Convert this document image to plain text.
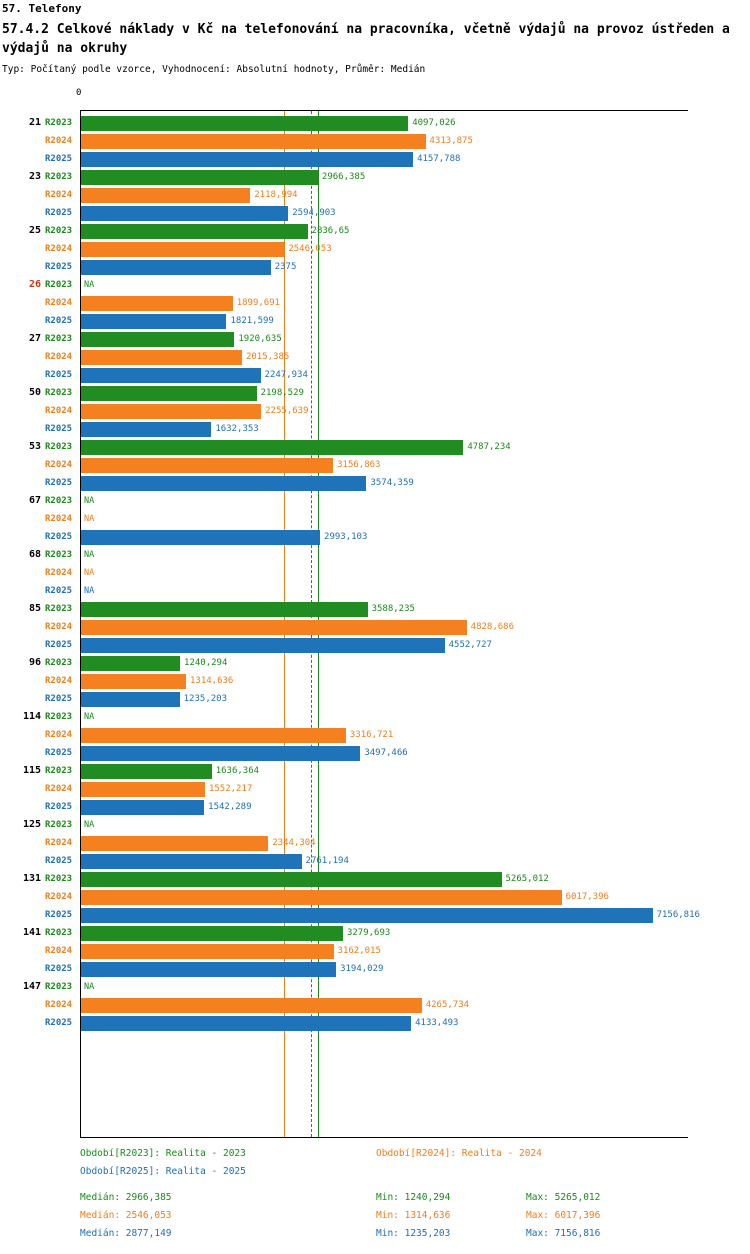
57. Telefony
57.4.2 Celkové náklady v Kč na telefonování na pracovníka, včetně výdajů na provoz ústředen a výdajů na okruhy
Typ: Počítaný podle vzorce, Vyhodnocení: Absolutní hodnoty, Průměr: Medián
0
21 R2023	4097,026
R2024	4313,875
R2025	4157,788
23 R2023	2966,385
R2024	2118,994
R2025	2594,903
25 R2023	2836,65
R2024	2546,053
R2025	2375
26 R2023 NA
R2024	1899,691
R2025	1821,599
27 R2023	1920,635
R2024	2015,385
R2025	2247,934
50 R2023	2198,529
R2024	2255,639
R2025	1632,353
53 R2023	4787,234
R2024	3156,863
R2025	3574,359
67 R2023 NA
R2024 NA
R2025	2993,103
68 R2023 NA
R2024 NA
R2025 NA
85 R2023	3588,235
R2024	4828,686
R2025	4552,727
96 R2023	1240,294
R2024	1314,636
R2025	1235,203
114 R2023 NA
R2024	3316,721
R2025	3497,466
115 R2023	1636,364
R2024	1552,217
R2025	1542,289
125 R2023 NA
R2024	2344,304
R2025	2761,194
131 R2023	5265,012
R2024	6017,396
R2025	7156,816
141 R2023	3279,693
R2024	3162,015
R2025	3194,029
147 R2023 NA
R2024	4265,734
R2025	4133,493
Období[R2023]: Realita - 2023	Období[R2024]: Realita - 2024
Období[R2025]: Realita - 2025
Medián: 2966,385	Min: 1240,294	Max: 5265,012
Medián: 2546,053	Min: 1314,636	Max: 6017,396
Medián: 2877,149	Min: 1235,203	Max: 7156,816
